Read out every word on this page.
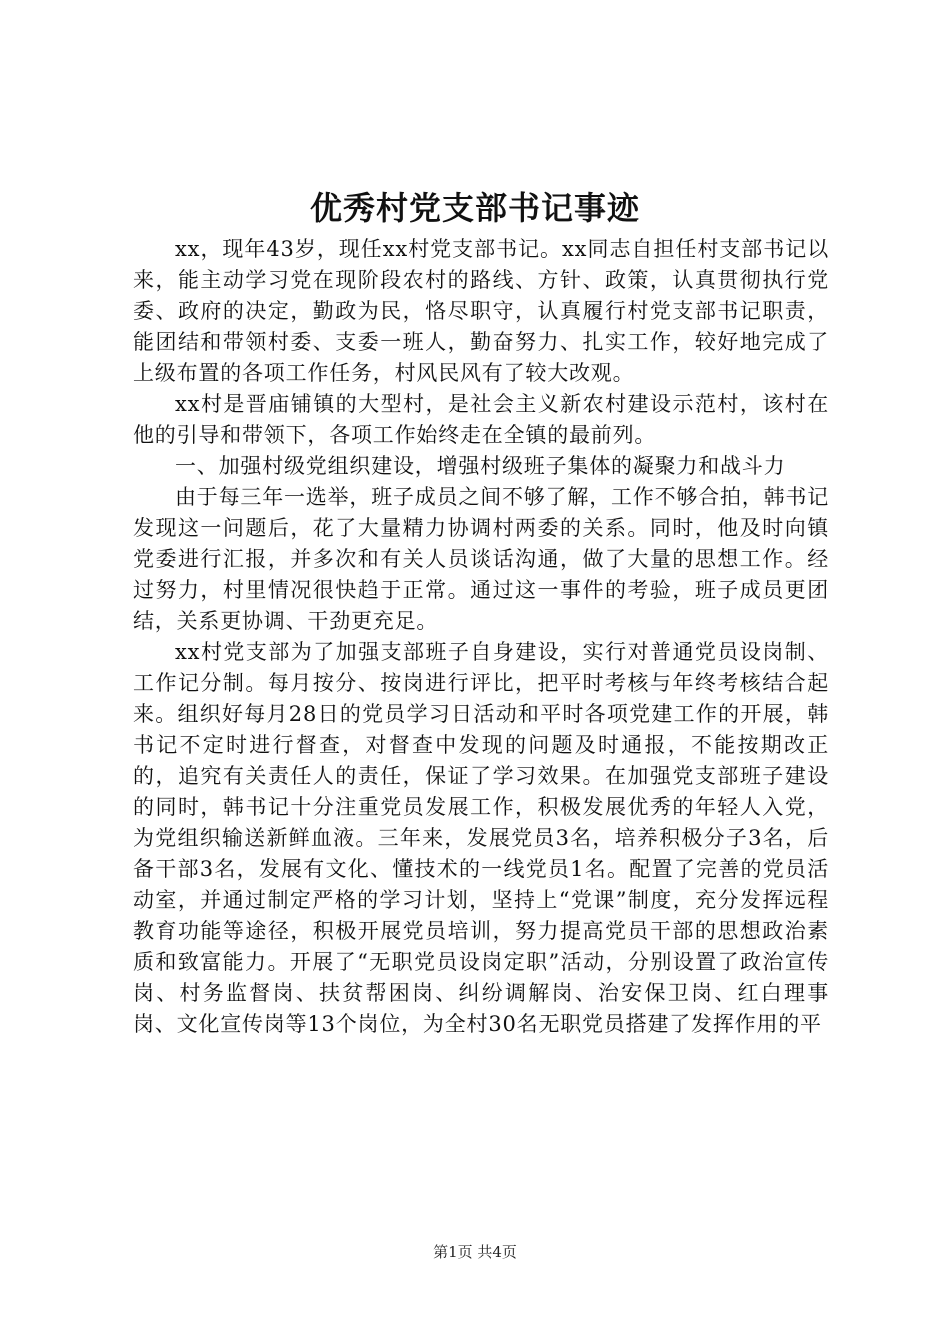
优秀村党支部书记事迹

xx，现年43岁，现任xx村党支部书记。xx同志自担任村支部书记以来，能主动学习党在现阶段农村的路线、方针、政策，认真贯彻执行党委、政府的决定，勤政为民，恪尽职守，认真履行村党支部书记职责，能团结和带领村委、支委一班人，勤奋努力、扎实工作，较好地完成了上级布置的各项工作任务，村风民风有了较大改观。

xx村是晋庙铺镇的大型村，是社会主义新农村建设示范村，该村在他的引导和带领下，各项工作始终走在全镇的最前列。

一、加强村级党组织建设，增强村级班子集体的凝聚力和战斗力

由于每三年一选举，班子成员之间不够了解，工作不够合拍，韩书记发现这一问题后，花了大量精力协调村两委的关系。同时，他及时向镇党委进行汇报，并多次和有关人员谈话沟通，做了大量的思想工作。经过努力，村里情况很快趋于正常。通过这一事件的考验，班子成员更团结，关系更协调、干劲更充足。

xx村党支部为了加强支部班子自身建设，实行对普通党员设岗制、工作记分制。每月按分、按岗进行评比，把平时考核与年终考核结合起来。组织好每月28日的党员学习日活动和平时各项党建工作的开展，韩书记不定时进行督查，对督查中发现的问题及时通报，不能按期改正的，追究有关责任人的责任，保证了学习效果。在加强党支部班子建设的同时，韩书记十分注重党员发展工作，积极发展优秀的年轻人入党，为党组织输送新鲜血液。三年来，发展党员3名，培养积极分子3名，后备干部3名，发展有文化、懂技术的一线党员1名。配置了完善的党员活动室，并通过制定严格的学习计划，坚持上“党课”制度，充分发挥远程教育功能等途径，积极开展党员培训，努力提高党员干部的思想政治素质和致富能力。开展了“无职党员设岗定职”活动，分别设置了政治宣传岗、村务监督岗、扶贫帮困岗、纠纷调解岗、治安保卫岗、红白理事岗、文化宣传岗等13个岗位，为全村30名无职党员搭建了发挥作用的平

第1页 共4页
